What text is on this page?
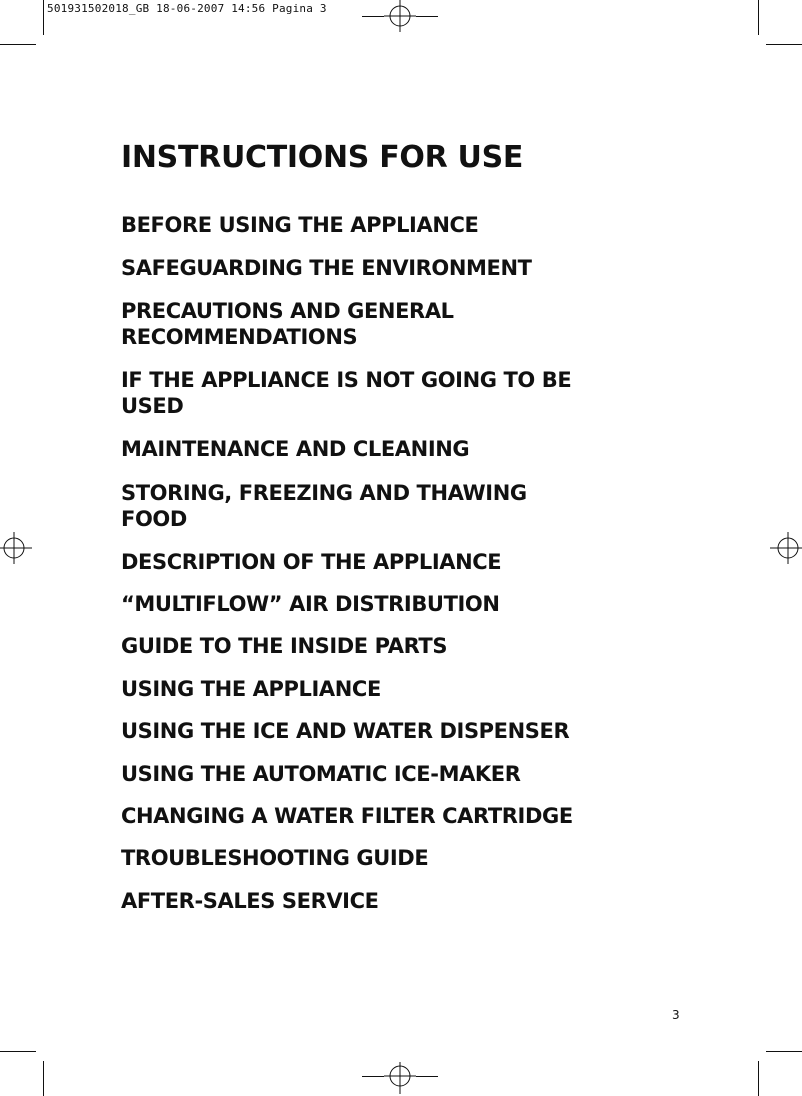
501931502018_GB 18-06-2007 14:56 Pagina 3
INSTRUCTIONS FOR USE
BEFORE USING THE APPLIANCE
SAFEGUARDING THE ENVIRONMENT
PRECAUTIONS AND GENERAL
RECOMMENDATIONS
IF THE APPLIANCE IS NOT GOING TO BE
USED
MAINTENANCE AND CLEANING
STORING, FREEZING AND THAWING
FOOD
DESCRIPTION OF THE APPLIANCE
“MULTIFLOW” AIR DISTRIBUTION
GUIDE TO THE INSIDE PARTS
USING THE APPLIANCE
USING THE ICE AND WATER DISPENSER
USING THE AUTOMATIC ICE-MAKER
CHANGING A WATER FILTER CARTRIDGE
TROUBLESHOOTING GUIDE
AFTER-SALES SERVICE
3
